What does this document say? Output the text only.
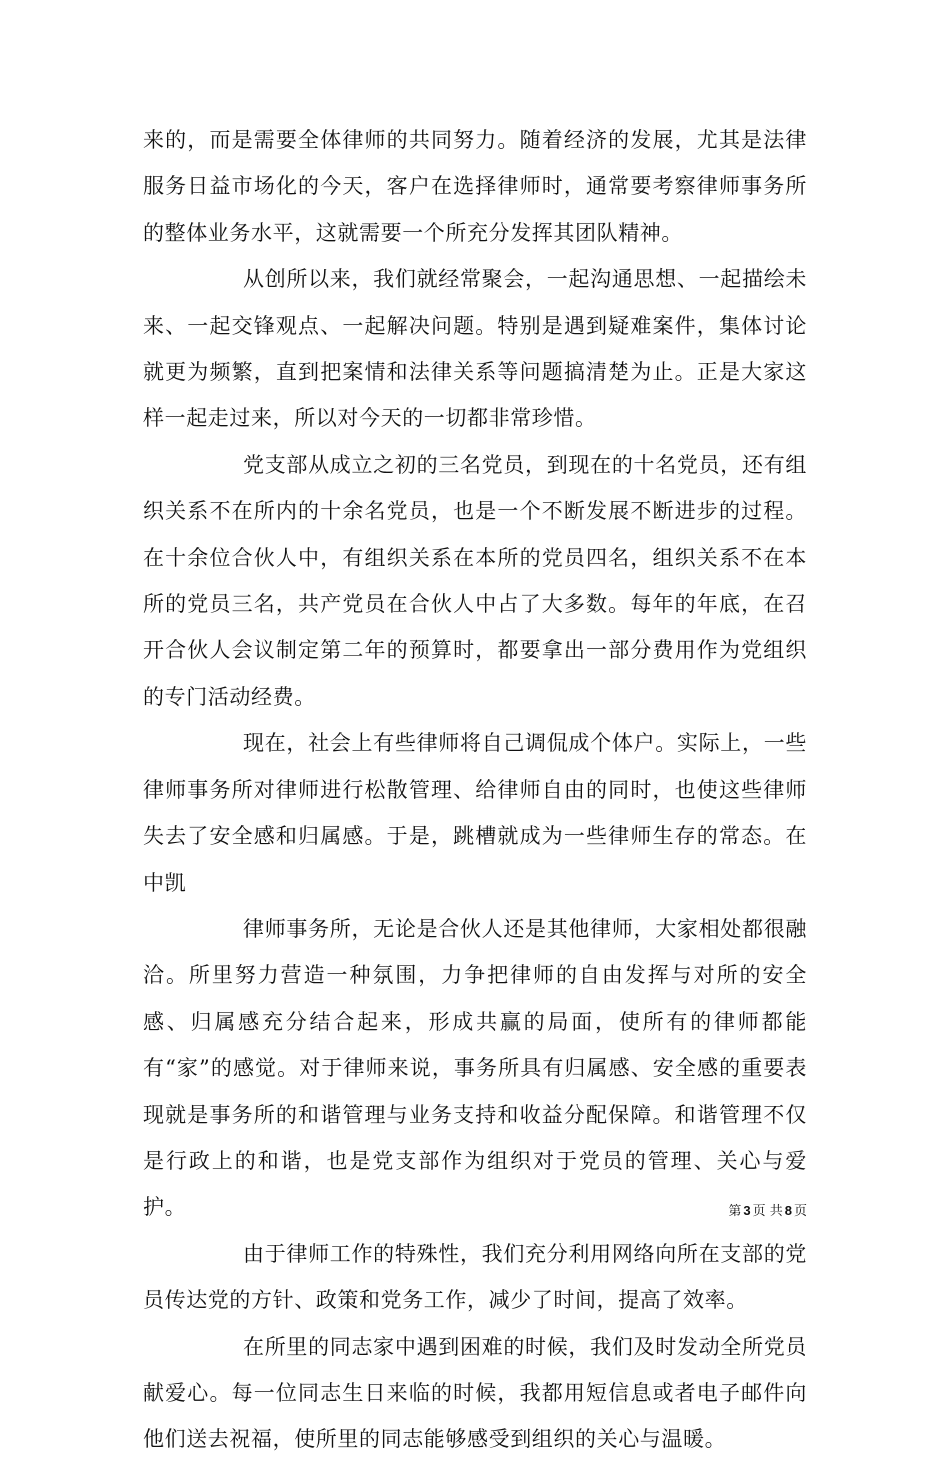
来的，而是需要全体律师的共同努力。随着经济的发展，尤其是法律服务日益市场化的今天，客户在选择律师时，通常要考察律师事务所的整体业务水平，这就需要一个所充分发挥其团队精神。

从创所以来，我们就经常聚会，一起沟通思想、一起描绘未来、一起交锋观点、一起解决问题。特别是遇到疑难案件，集体讨论就更为频繁，直到把案情和法律关系等问题搞清楚为止。正是大家这样一起走过来，所以对今天的一切都非常珍惜。

党支部从成立之初的三名党员，到现在的十名党员，还有组织关系不在所内的十余名党员，也是一个不断发展不断进步的过程。在十余位合伙人中，有组织关系在本所的党员四名，组织关系不在本所的党员三名，共产党员在合伙人中占了大多数。每年的年底，在召开合伙人会议制定第二年的预算时，都要拿出一部分费用作为党组织的专门活动经费。

现在，社会上有些律师将自己调侃成个体户。实际上，一些律师事务所对律师进行松散管理、给律师自由的同时，也使这些律师失去了安全感和归属感。于是，跳槽就成为一些律师生存的常态。在中凯

律师事务所，无论是合伙人还是其他律师，大家相处都很融洽。所里努力营造一种氛围，力争把律师的自由发挥与对所的安全感、归属感充分结合起来，形成共赢的局面，使所有的律师都能有“家”的感觉。对于律师来说，事务所具有归属感、安全感的重要表现就是事务所的和谐管理与业务支持和收益分配保障。和谐管理不仅是行政上的和谐，也是党支部作为组织对于党员的管理、关心与爱护。

由于律师工作的特殊性，我们充分利用网络向所在支部的党员传达党的方针、政策和党务工作，减少了时间，提高了效率。

在所里的同志家中遇到困难的时候，我们及时发动全所党员献爱心。每一位同志生日来临的时候，我都用短信息或者电子邮件向他们送去祝福，使所里的同志能够感受到组织的关心与温暖。

第 3 页 共 8 页
